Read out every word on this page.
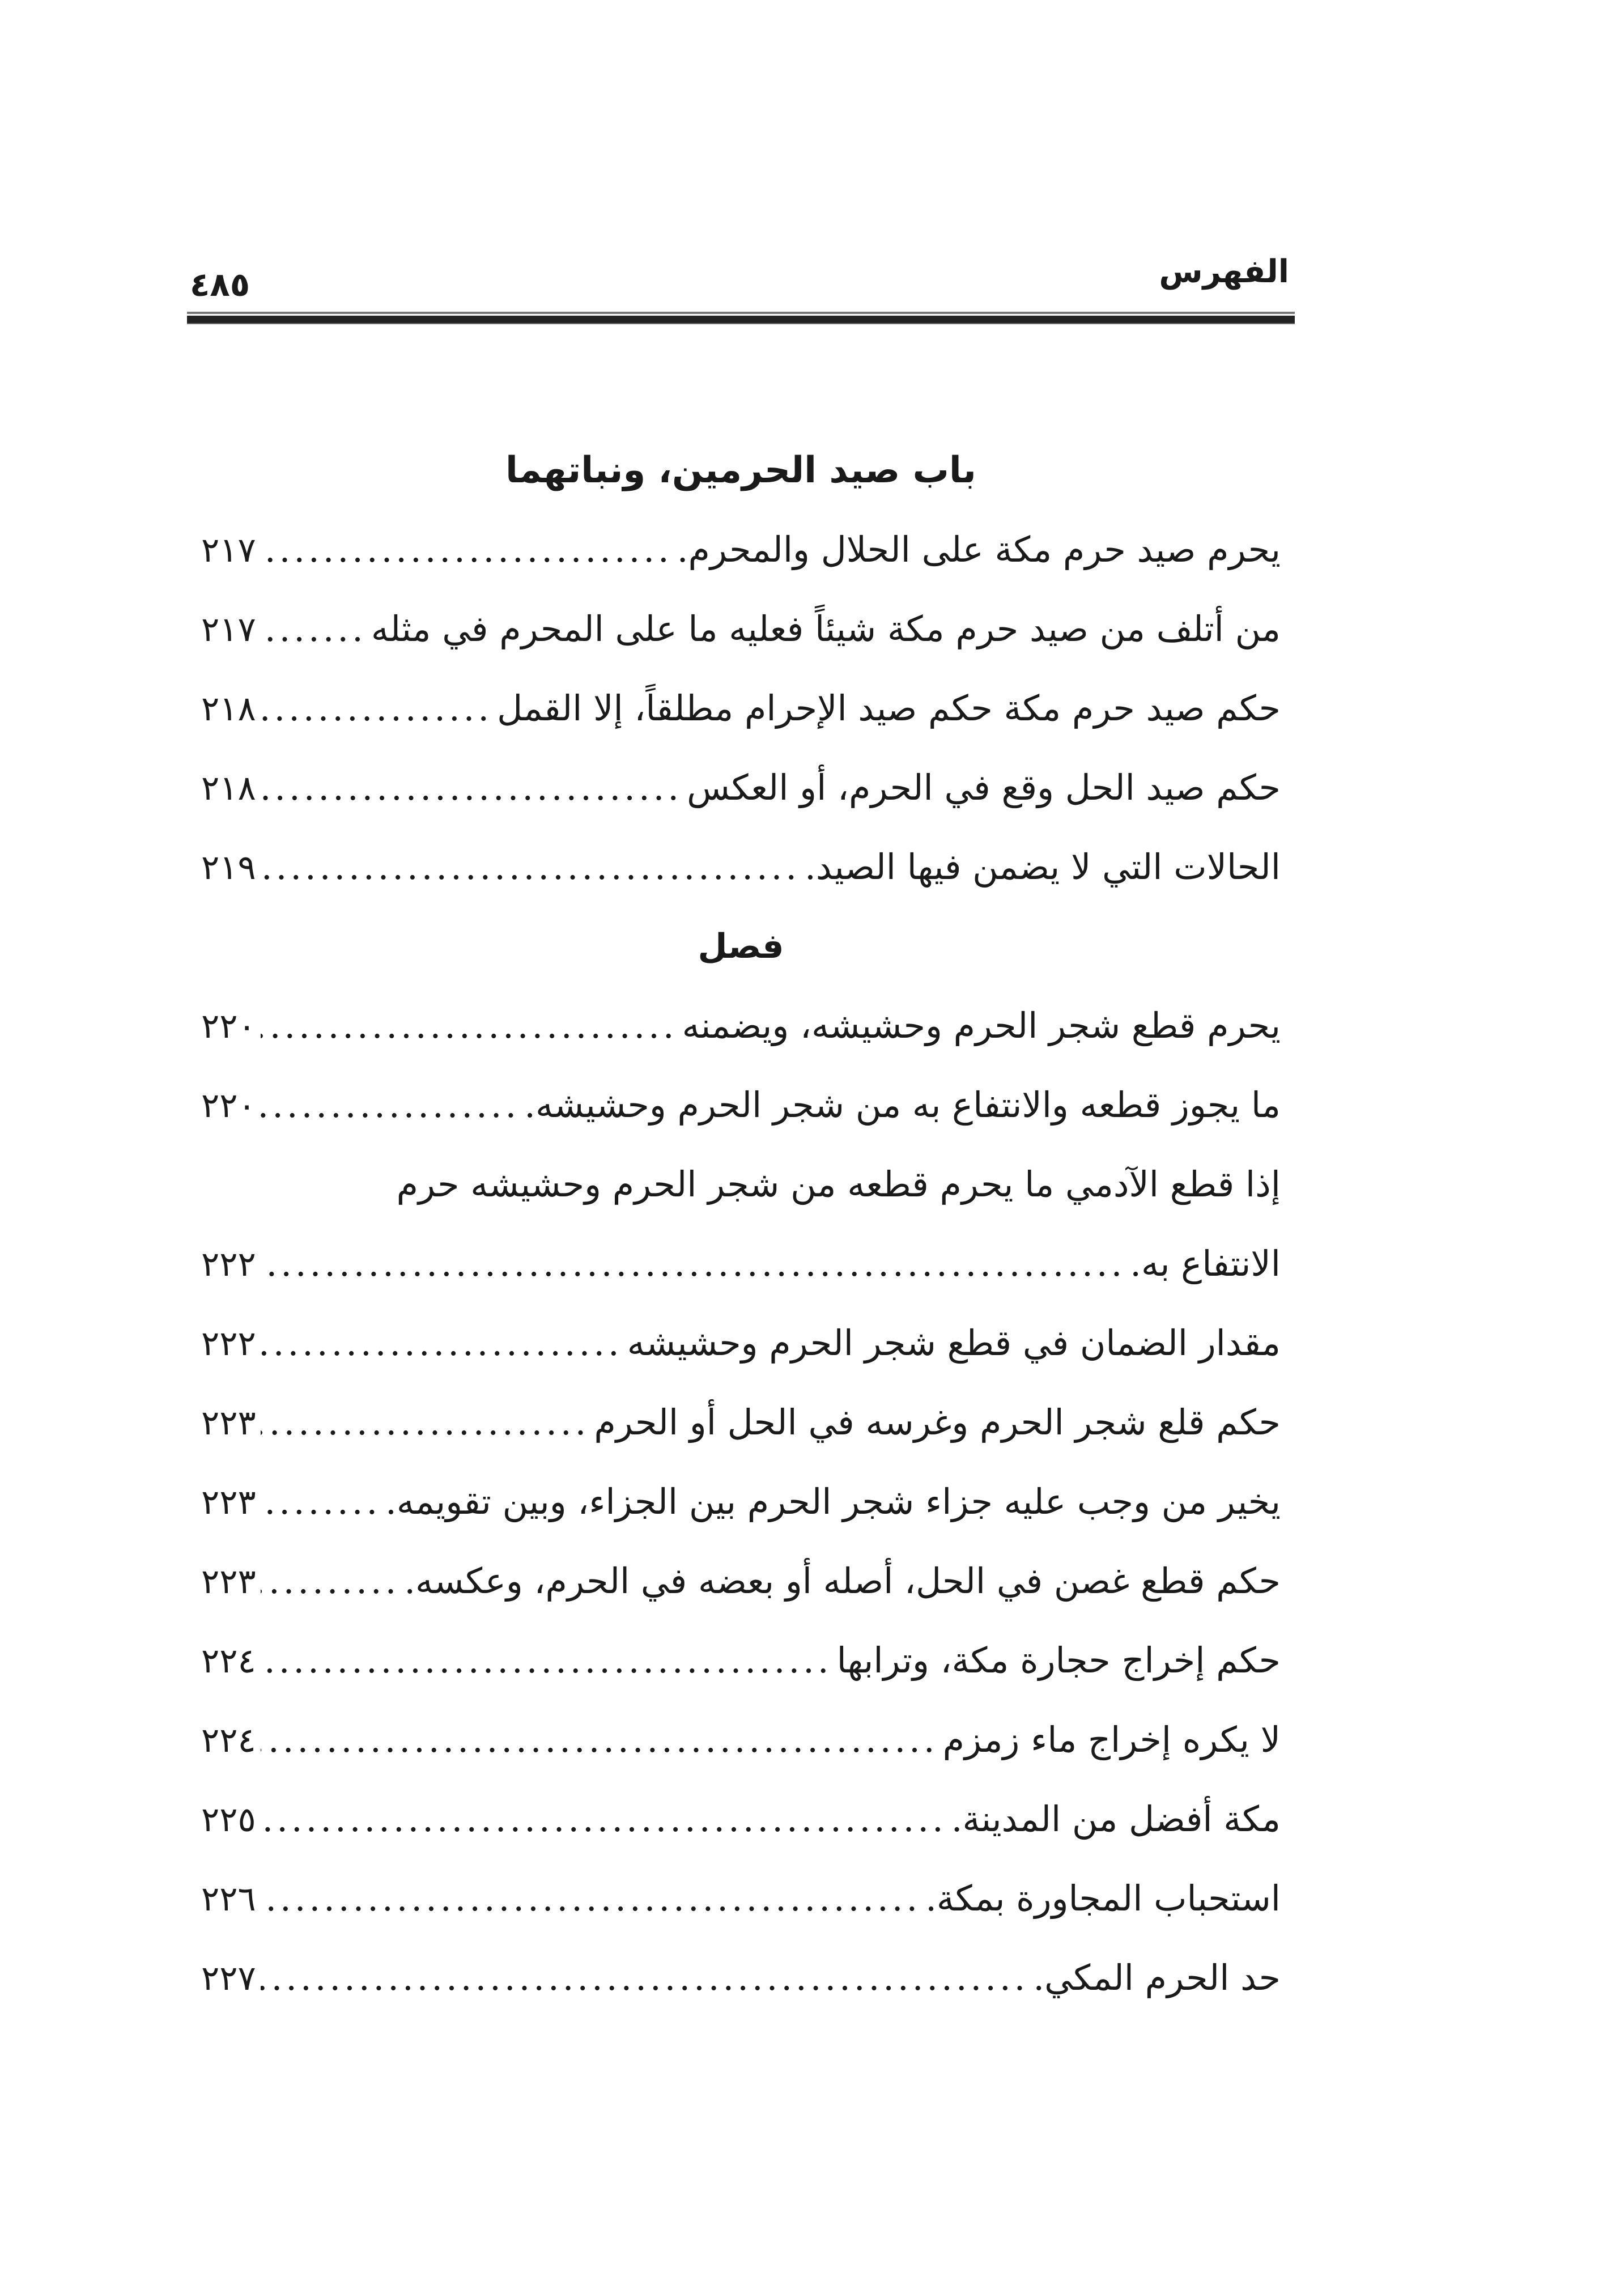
الفهرس
٤٨٥
باب صيد الحرمين، ونباتهما
يحرم صيد حرم مكة على الحلال والمحرم.
.....
٢١٧
من أتلف من صيد حرم مكة شيئاً فعليه ما على المحرم في مثله
.....
٢١٧
حكم صيد حرم مكة حكم صيد الإحرام مطلقاً، إلا القمل
.....
٢١٨
حكم صيد الحل وقع في الحرم، أو العكس
.....
٢١٨
الحالات التي لا يضمن فيها الصيد.
.....
٢١٩
فصل
يحرم قطع شجر الحرم وحشيشه، ويضمنه
.....
٢٢٠
ما يجوز قطعه والانتفاع به من شجر الحرم وحشيشه.
.....
٢٢٠
إذا قطع الآدمي ما يحرم قطعه من شجر الحرم وحشيشه حرم
الانتفاع به.
.....
٢٢٢
مقدار الضمان في قطع شجر الحرم وحشيشه
.....
٢٢٢
حكم قلع شجر الحرم وغرسه في الحل أو الحرم
.....
٢٢٣
يخير من وجب عليه جزاء شجر الحرم بين الجزاء، وبين تقويمه.
.....
٢٢٣
حكم قطع غصن في الحل، أصله أو بعضه في الحرم، وعكسه.
.....
٢٢٣
حكم إخراج حجارة مكة، وترابها
.....
٢٢٤
لا يكره إخراج ماء زمزم
.....
٢٢٤
مكة أفضل من المدينة.
.....
٢٢٥
استحباب المجاورة بمكة.
.....
٢٢٦
حد الحرم المكي.
.....
٢٢٧
